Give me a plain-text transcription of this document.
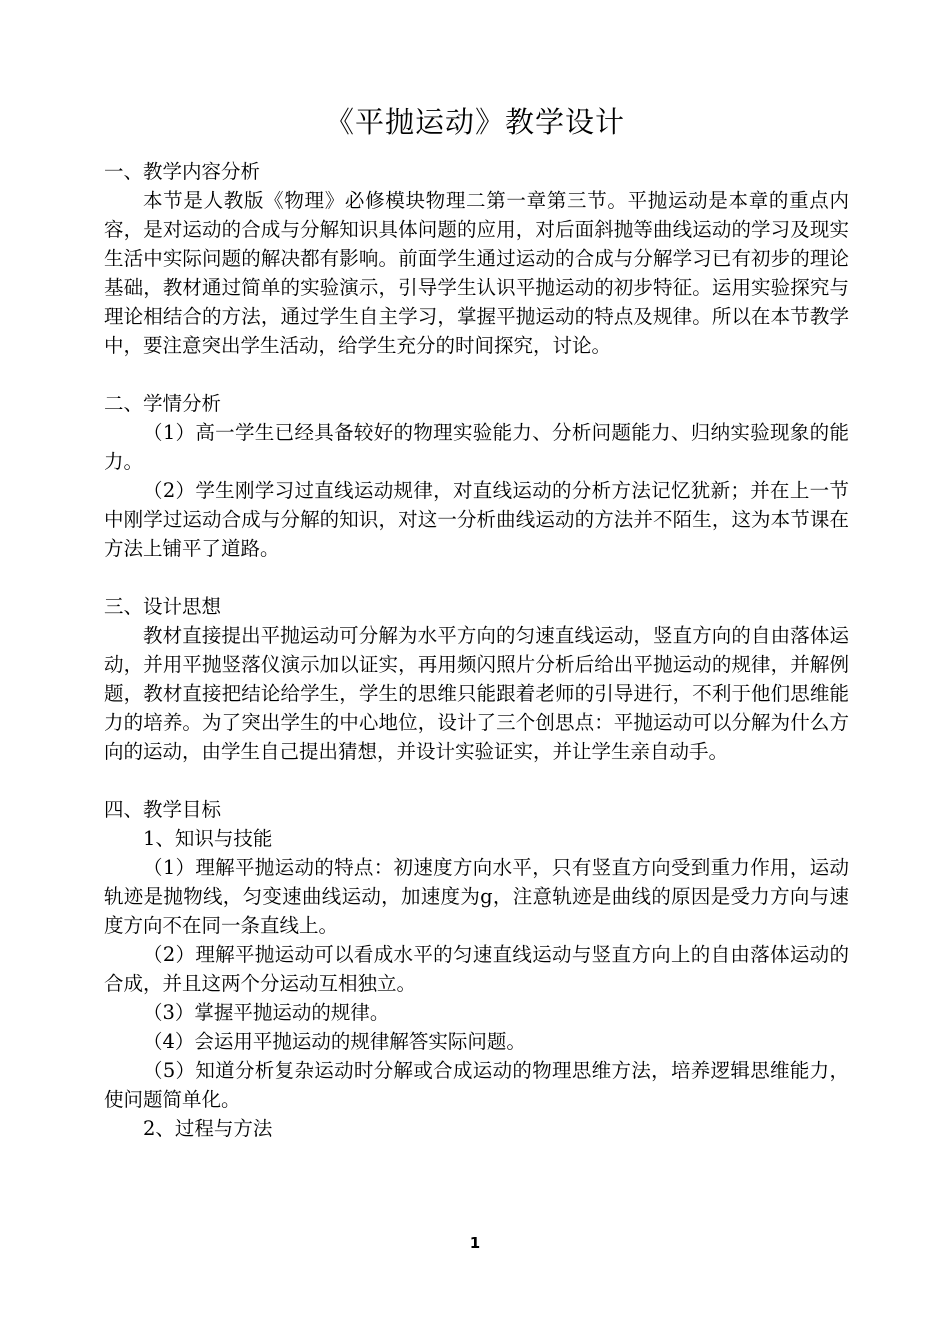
《平抛运动》教学设计

一、教学内容分析

本节是人教版《物理》必修模块物理二第一章第三节。平抛运动是本章的重点内容，是对运动的合成与分解知识具体问题的应用，对后面斜抛等曲线运动的学习及现实生活中实际问题的解决都有影响。前面学生通过运动的合成与分解学习已有初步的理论基础，教材通过简单的实验演示，引导学生认识平抛运动的初步特征。运用实验探究与理论相结合的方法，通过学生自主学习，掌握平抛运动的特点及规律。所以在本节教学中，要注意突出学生活动，给学生充分的时间探究，讨论。

二、学情分析

（1）高一学生已经具备较好的物理实验能力、分析问题能力、归纳实验现象的能力。

（2）学生刚学习过直线运动规律，对直线运动的分析方法记忆犹新；并在上一节中刚学过运动合成与分解的知识，对这一分析曲线运动的方法并不陌生，这为本节课在方法上铺平了道路。

三、设计思想

教材直接提出平抛运动可分解为水平方向的匀速直线运动，竖直方向的自由落体运动，并用平抛竖落仪演示加以证实，再用频闪照片分析后给出平抛运动的规律，并解例题，教材直接把结论给学生，学生的思维只能跟着老师的引导进行，不利于他们思维能力的培养。为了突出学生的中心地位，设计了三个创思点：平抛运动可以分解为什么方向的运动，由学生自己提出猜想，并设计实验证实，并让学生亲自动手。

四、教学目标

1、知识与技能

（1）理解平抛运动的特点：初速度方向水平，只有竖直方向受到重力作用，运动轨迹是抛物线，匀变速曲线运动，加速度为g，注意轨迹是曲线的原因是受力方向与速度方向不在同一条直线上。

（2）理解平抛运动可以看成水平的匀速直线运动与竖直方向上的自由落体运动的合成，并且这两个分运动互相独立。

（3）掌握平抛运动的规律。

（4）会运用平抛运动的规律解答实际问题。

（5）知道分析复杂运动时分解或合成运动的物理思维方法，培养逻辑思维能力，使问题简单化。

2、过程与方法

1
